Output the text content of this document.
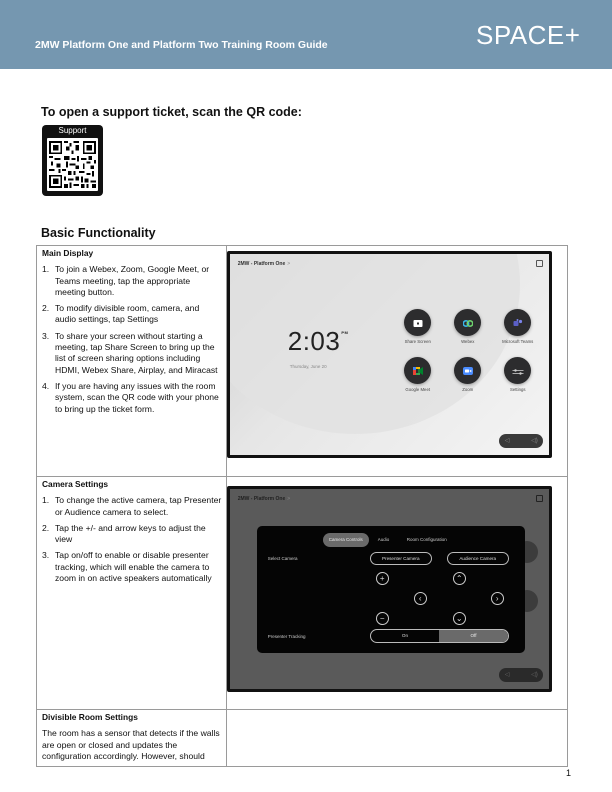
2MW Platform One and Platform Two Training Room Guide	SPACE+
To open a support ticket, scan the QR code:
Support
Basic Functionality
Main Display
1. To join a Webex, Zoom, Google Meet, or Teams meeting, tap the appropriate meeting button.
2. To modify divisible room, camera, and audio settings, tap Settings
3. To share your screen without starting a meeting, tap Share Screen to bring up the list of screen sharing options including HDMI, Webex Share, Airplay, and Miracast
4. If you are having any issues with the room system, scan the QR code with your phone to bring up the ticket form.

2MW - Platform One >
$2:03^{PM}$
Thursday, June 20
Share Screen	Webex	Microsoft Teams
Google Meet	Zoom	Settings
◁	◁)

Camera Settings
1. To change the active camera, tap Presenter or Audience camera to select.
2. Tap the +/- and arrow keys to adjust the view
3. Tap on/off to enable or disable presenter tracking, which will enable the camera to zoom in on active speakers automatically

2MW - Platform One >
Camera Controls	Audio	Room Configuration
Select Camera	Presenter Camera	Audience Camera
+
−
⌃
⌄
‹	›
Presenter Tracking	On	Off
◁	◁)

Divisible Room Settings
The room has a sensor that detects if the walls are open or closed and updates the configuration accordingly. However, should	

1
